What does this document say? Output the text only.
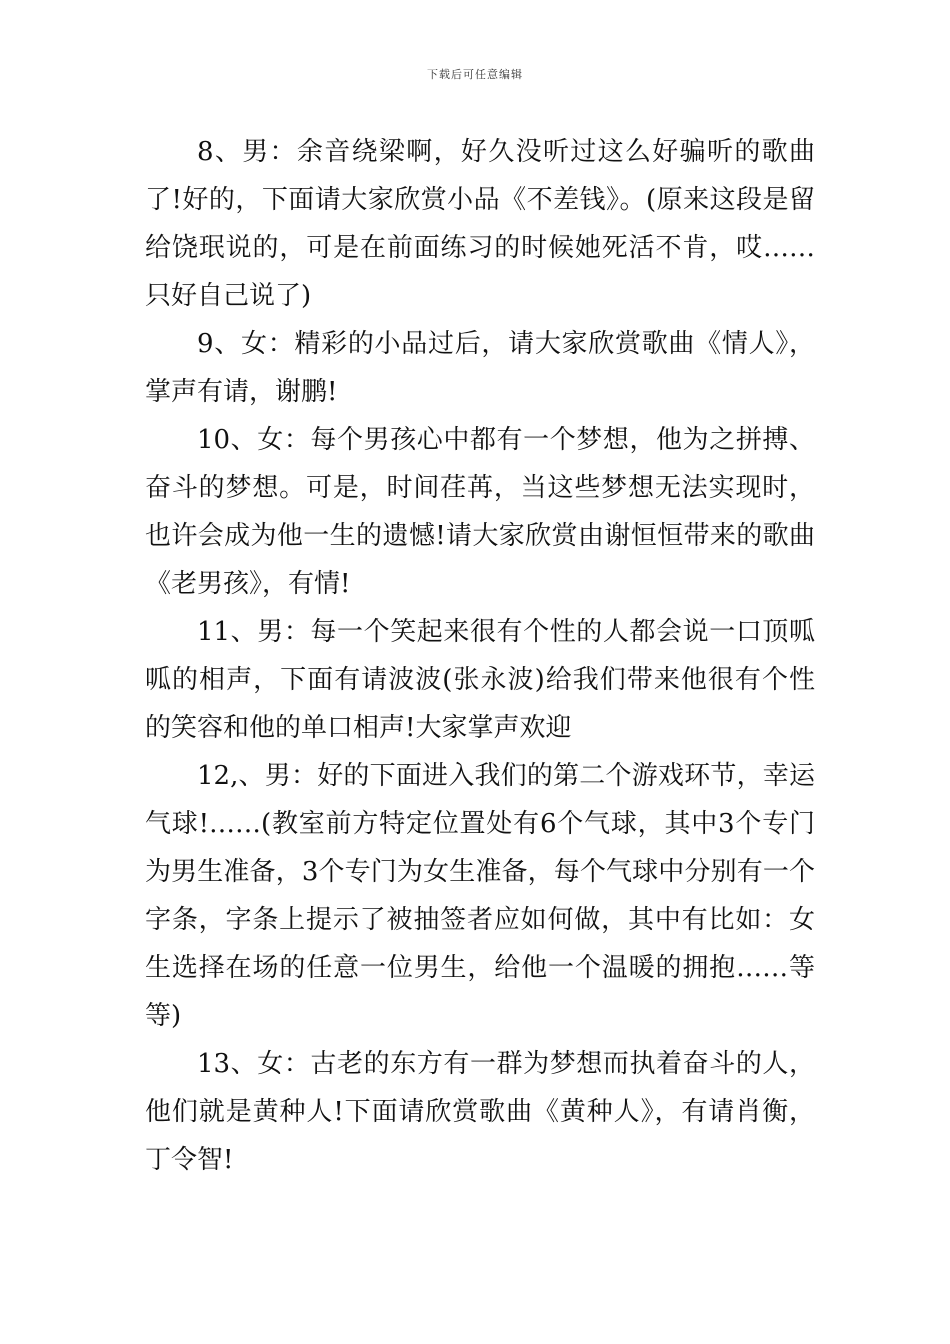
下载后可任意编辑

8、男：余音绕梁啊，好久没听过这么好骗听的歌曲了!好的，下面请大家欣赏小品《不差钱》。(原来这段是留给饶珉说的，可是在前面练习的时候她死活不肯，哎……只好自己说了)

9、女：精彩的小品过后，请大家欣赏歌曲《情人》，掌声有请，谢鹏!

10、女：每个男孩心中都有一个梦想，他为之拼搏、奋斗的梦想。可是，时间荏苒，当这些梦想无法实现时，也许会成为他一生的遗憾!请大家欣赏由谢恒恒带来的歌曲《老男孩》，有情!

11、男：每一个笑起来很有个性的人都会说一口顶呱呱的相声，下面有请波波(张永波)给我们带来他很有个性的笑容和他的单口相声!大家掌声欢迎

12,、男：好的下面进入我们的第二个游戏环节，幸运气球!……(教室前方特定位置处有6个气球，其中3个专门为男生准备，3个专门为女生准备，每个气球中分别有一个字条，字条上提示了被抽签者应如何做，其中有比如：女生选择在场的任意一位男生，给他一个温暖的拥抱……等等)

13、女：古老的东方有一群为梦想而执着奋斗的人，他们就是黄种人!下面请欣赏歌曲《黄种人》，有请肖衡，丁令智!
